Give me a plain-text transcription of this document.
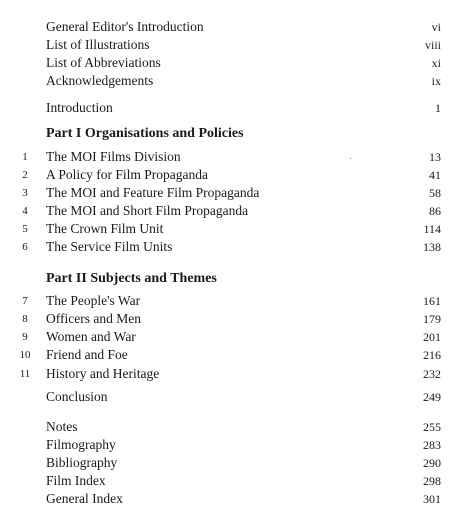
General Editor's Introduction	vi
List of Illustrations	viii
List of Abbreviations	xi
Acknowledgements	ix
Introduction	1
Part I Organisations and Policies
1	The MOI Films Division	13
2	A Policy for Film Propaganda	41
3	The MOI and Feature Film Propaganda	58
4	The MOI and Short Film Propaganda	86
5	The Crown Film Unit	114
6	The Service Film Units	138
Part II Subjects and Themes
7	The People's War	161
8	Officers and Men	179
9	Women and War	201
10	Friend and Foe	216
11	History and Heritage	232
Conclusion	249
Notes	255
Filmography	283
Bibliography	290
Film Index	298
General Index	301
